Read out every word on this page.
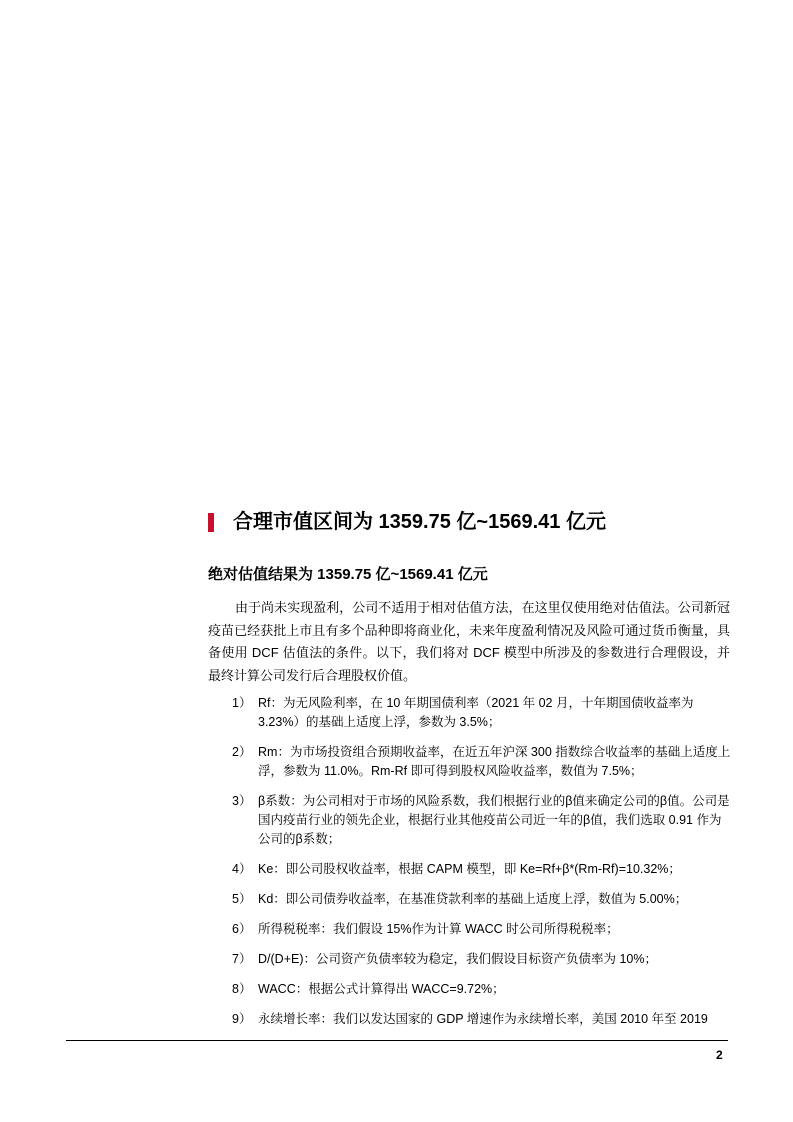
合理市值区间为 1359.75 亿~1569.41 亿元
绝对估值结果为 1359.75 亿~1569.41 亿元

由于尚未实现盈利，公司不适用于相对估值方法，在这里仅使用绝对估值法。公司新冠疫苗已经获批上市且有多个品种即将商业化，未来年度盈利情况及风险可通过货币衡量，具备使用 DCF 估值法的条件。以下，我们将对 DCF 模型中所涉及的参数进行合理假设，并最终计算公司发行后合理股权价值。

1） Rf：为无风险利率，在 10 年期国债利率（2021 年 02 月，十年期国债收益率为 3.23%）的基础上适度上浮，参数为 3.5%；
2） Rm：为市场投资组合预期收益率，在近五年沪深 300 指数综合收益率的基础上适度上浮，参数为 11.0%。Rm-Rf 即可得到股权风险收益率，数值为 7.5%；
3） β系数：为公司相对于市场的风险系数，我们根据行业的β值来确定公司的β值。公司是国内疫苗行业的领先企业，根据行业其他疫苗公司近一年的β值，我们选取 0.91 作为公司的β系数；
4） Ke：即公司股权收益率，根据 CAPM 模型，即 Ke=Rf+β*(Rm-Rf)=10.32%；
5） Kd：即公司债券收益率，在基准贷款利率的基础上适度上浮，数值为 5.00%；
6） 所得税税率：我们假设 15%作为计算 WACC 时公司所得税税率；
7） D/(D+E)：公司资产负债率较为稳定，我们假设目标资产负债率为 10%；
8） WACC：根据公式计算得出 WACC=9.72%；
9） 永续增长率：我们以发达国家的 GDP 增速作为永续增长率，美国 2010 年至 2019
2
